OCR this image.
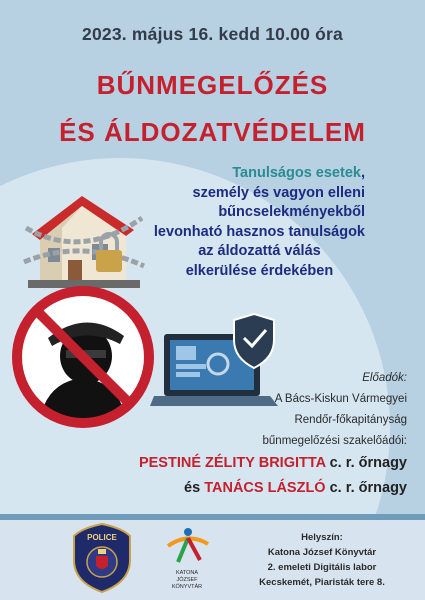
2023. május 16. kedd 10.00 óra
BŰNMEGELŐZÉS
ÉS ÁLDOZATVÉDELEM
Tanulságos esetek,
személy és vagyon elleni
bűncselekményekből
levonható hasznos tanulságok
az áldozattá válás
elkerülése érdekében
Előadók:
A Bács-Kiskun Vármegyei
Rendőr-főkapitányság
bűnmegelőzési szakelőádói:
PESTINÉ ZÉLITY BRIGITTA c. r. őrnagy
és TANÁCS LÁSZLÓ c. r. őrnagy
POLICE
KATONA
JÓZSEF
KÖNYVTÁR
Helyszín:
Katona József Könyvtár
2. emeleti Digitális labor
Kecskemét, Piaristák tere 8.
